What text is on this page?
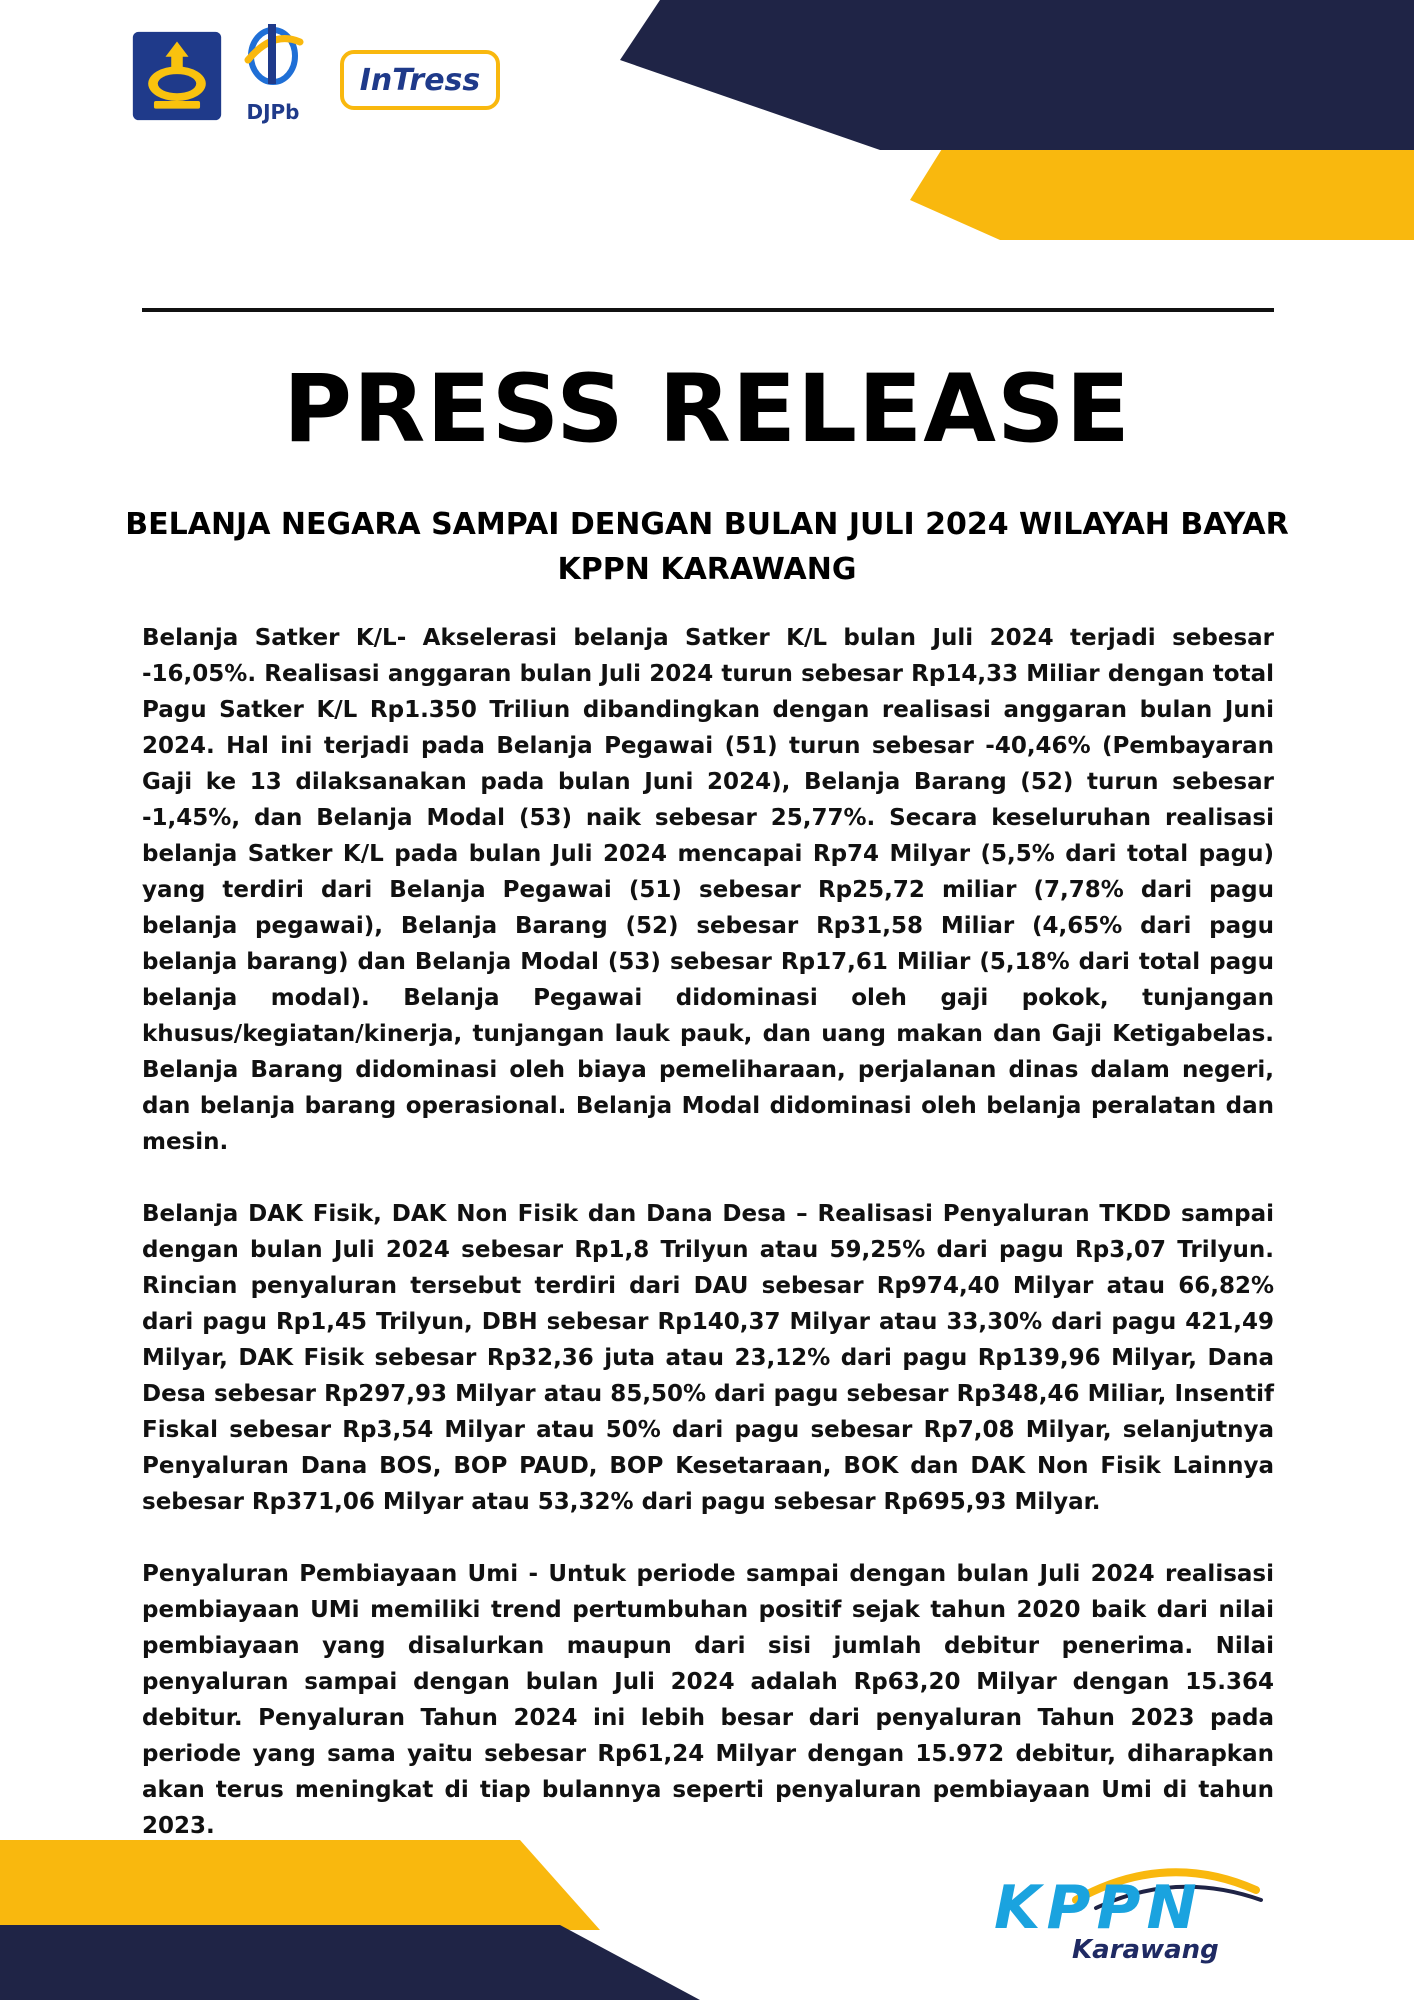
DJPb
InTress
PRESS RELEASE
BELANJA NEGARA SAMPAI DENGAN BULAN JULI 2024 WILAYAH BAYAR KPPN KARAWANG

Belanja Satker K/L- Akselerasi belanja Satker K/L bulan Juli 2024 terjadi sebesar -16,05%. Realisasi anggaran bulan Juli 2024 turun sebesar Rp14,33 Miliar dengan total Pagu Satker K/L Rp1.350 Triliun dibandingkan dengan realisasi anggaran bulan Juni 2024. Hal ini terjadi pada Belanja Pegawai (51) turun sebesar -40,46% (Pembayaran Gaji ke 13 dilaksanakan pada bulan Juni 2024), Belanja Barang (52) turun sebesar -1,45%, dan Belanja Modal (53) naik sebesar 25,77%. Secara keseluruhan realisasi belanja Satker K/L pada bulan Juli 2024 mencapai Rp74 Milyar (5,5% dari total pagu) yang terdiri dari Belanja Pegawai (51) sebesar Rp25,72 miliar (7,78% dari pagu belanja pegawai), Belanja Barang (52) sebesar Rp31,58 Miliar (4,65% dari pagu belanja barang) dan Belanja Modal (53) sebesar Rp17,61 Miliar (5,18% dari total pagu belanja modal). Belanja Pegawai didominasi oleh gaji pokok, tunjangan khusus/kegiatan/kinerja, tunjangan lauk pauk, dan uang makan dan Gaji Ketigabelas. Belanja Barang didominasi oleh biaya pemeliharaan, perjalanan dinas dalam negeri, dan belanja barang operasional. Belanja Modal didominasi oleh belanja peralatan dan mesin.

Belanja DAK Fisik, DAK Non Fisik dan Dana Desa – Realisasi Penyaluran TKDD sampai dengan bulan Juli 2024 sebesar Rp1,8 Trilyun atau 59,25% dari pagu Rp3,07 Trilyun. Rincian penyaluran tersebut terdiri dari DAU sebesar Rp974,40 Milyar atau 66,82% dari pagu Rp1,45 Trilyun, DBH sebesar Rp140,37 Milyar atau 33,30% dari pagu 421,49 Milyar, DAK Fisik sebesar Rp32,36 juta atau 23,12% dari pagu Rp139,96 Milyar, Dana Desa sebesar Rp297,93 Milyar atau 85,50% dari pagu sebesar Rp348,46 Miliar, Insentif Fiskal sebesar Rp3,54 Milyar atau 50% dari pagu sebesar Rp7,08 Milyar, selanjutnya Penyaluran Dana BOS, BOP PAUD, BOP Kesetaraan, BOK dan DAK Non Fisik Lainnya sebesar Rp371,06 Milyar atau 53,32% dari pagu sebesar Rp695,93 Milyar.

Penyaluran Pembiayaan Umi - Untuk periode sampai dengan bulan Juli 2024 realisasi pembiayaan UMi memiliki trend pertumbuhan positif sejak tahun 2020 baik dari nilai pembiayaan yang disalurkan maupun dari sisi jumlah debitur penerima. Nilai penyaluran sampai dengan bulan Juli 2024 adalah Rp63,20 Milyar dengan 15.364 debitur. Penyaluran Tahun 2024 ini lebih besar dari penyaluran Tahun 2023 pada periode yang sama yaitu sebesar Rp61,24 Milyar dengan 15.972 debitur, diharapkan akan terus meningkat di tiap bulannya seperti penyaluran pembiayaan Umi di tahun 2023.

KPPN
Karawang
